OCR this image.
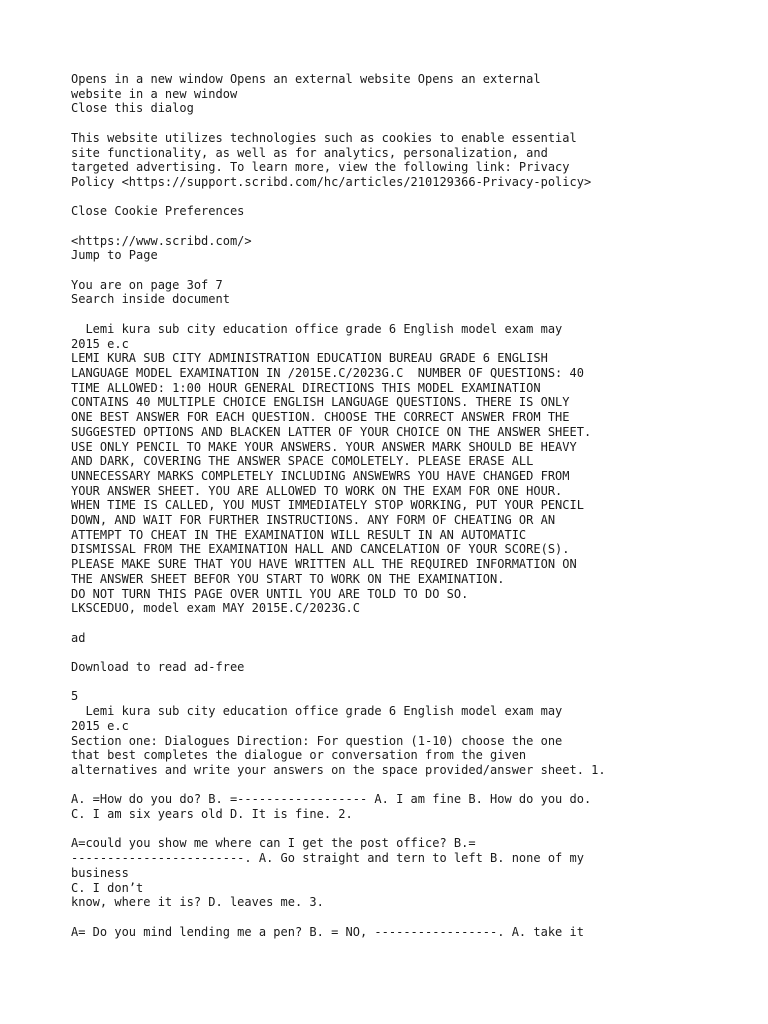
Opens in a new window Opens an external website Opens an external
website in a new window
Close this dialog
This website utilizes technologies such as cookies to enable essential
site functionality, as well as for analytics, personalization, and
targeted advertising. To learn more, view the following link: Privacy
Policy <https://support.scribd.com/hc/articles/210129366-Privacy-policy>
Close Cookie Preferences
<https://www.scribd.com/>
Jump to Page
You are on page 3of 7
Search inside document
Lemi kura sub city education office grade 6 English model exam may
2015 e.c
LEMI KURA SUB CITY ADMINISTRATION EDUCATION BUREAU GRADE 6 ENGLISH
LANGUAGE MODEL EXAMINATION IN /2015E.C/2023G.C  NUMBER OF QUESTIONS: 40
TIME ALLOWED: 1:00 HOUR GENERAL DIRECTIONS THIS MODEL EXAMINATION
CONTAINS 40 MULTIPLE CHOICE ENGLISH LANGUAGE QUESTIONS. THERE IS ONLY
ONE BEST ANSWER FOR EACH QUESTION. CHOOSE THE CORRECT ANSWER FROM THE
SUGGESTED OPTIONS AND BLACKEN LATTER OF YOUR CHOICE ON THE ANSWER SHEET.
USE ONLY PENCIL TO MAKE YOUR ANSWERS. YOUR ANSWER MARK SHOULD BE HEAVY
AND DARK, COVERING THE ANSWER SPACE COMOLETELY. PLEASE ERASE ALL
UNNECESSARY MARKS COMPLETELY INCLUDING ANSWEWRS YOU HAVE CHANGED FROM
YOUR ANSWER SHEET. YOU ARE ALLOWED TO WORK ON THE EXAM FOR ONE HOUR.
WHEN TIME IS CALLED, YOU MUST IMMEDIATELY STOP WORKING, PUT YOUR PENCIL
DOWN, AND WAIT FOR FURTHER INSTRUCTIONS. ANY FORM OF CHEATING OR AN
ATTEMPT TO CHEAT IN THE EXAMINATION WILL RESULT IN AN AUTOMATIC
DISMISSAL FROM THE EXAMINATION HALL AND CANCELATION OF YOUR SCORE(S).
PLEASE MAKE SURE THAT YOU HAVE WRITTEN ALL THE REQUIRED INFORMATION ON
THE ANSWER SHEET BEFOR YOU START TO WORK ON THE EXAMINATION.
DO NOT TURN THIS PAGE OVER UNTIL YOU ARE TOLD TO DO SO.
LKSCEDUO, model exam MAY 2015E.C/2023G.C
ad
Download to read ad-free
5
Lemi kura sub city education office grade 6 English model exam may
2015 e.c
Section one: Dialogues Direction: For question (1-10) choose the one
that best completes the dialogue or conversation from the given
alternatives and write your answers on the space provided/answer sheet. 1.
A. =How do you do? B. =------------------ A. I am fine B. How do you do.
C. I am six years old D. It is fine. 2.
A=could you show me where can I get the post office? B.=
------------------------. A. Go straight and tern to left B. none of my
business
C. I don’t
know, where it is? D. leaves me. 3.
A= Do you mind lending me a pen? B. = NO, -----------------. A. take it
